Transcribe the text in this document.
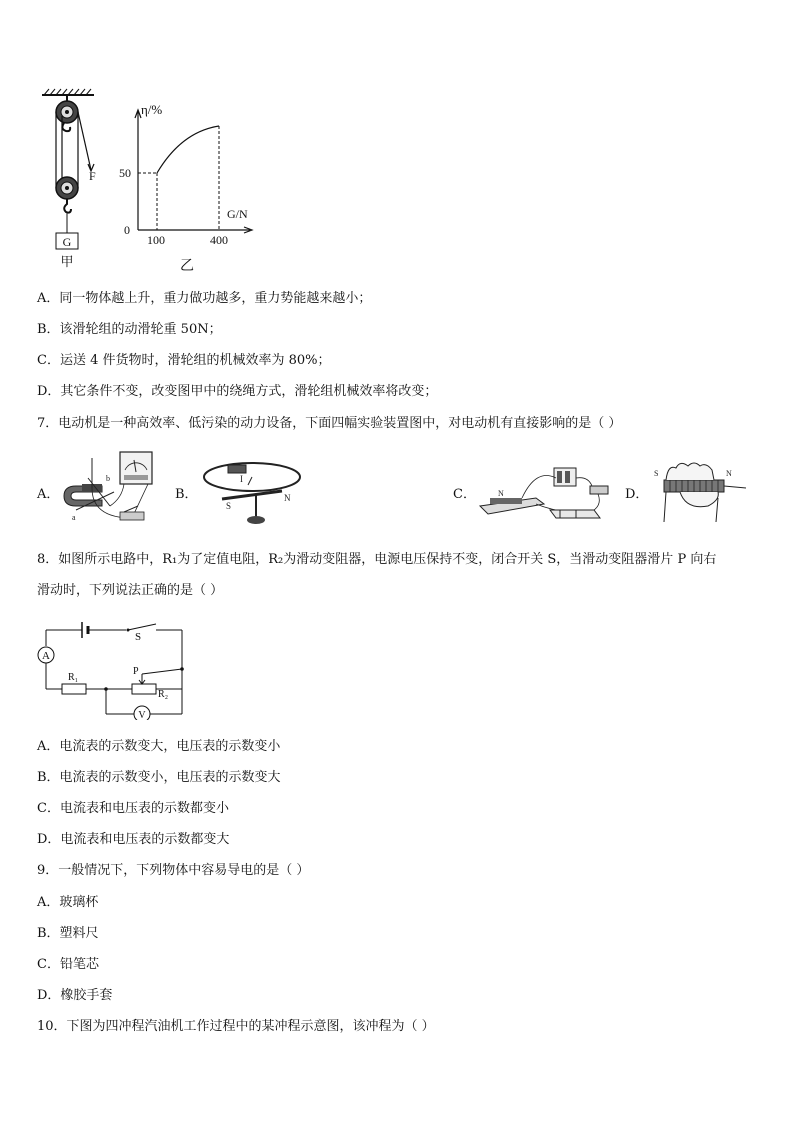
F
G
甲
η/%
G/N
0
50
100	400
乙
A．同一物体越上升，重力做功越多，重力势能越来越小；
B．该滑轮组的动滑轮重 50N；
C．运送 4 件货物时，滑轮组的机械效率为 80%；
D．其它条件不变，改变图甲中的绕绳方式，滑轮组机械效率将改变；
7．电动机是一种高效率、低污染的动力设备，下面四幅实验装置图中，对电动机有直接影响的是（ ）
A．
b
a
B．
I
S
N	C．	N	D．
S	N
8．如图所示电路中，R₁为了定值电阻，R₂为滑动变阻器，电源电压保持不变，闭合开关 S，当滑动变阻器滑片 P 向右
滑动时，下列说法正确的是（ ）
S
A
R₁
R₂
P
V
A．电流表的示数变大，电压表的示数变小
B．电流表的示数变小，电压表的示数变大
C．电流表和电压表的示数都变小
D．电流表和电压表的示数都变大
9．一般情况下，下列物体中容易导电的是（ ）
A．玻璃杯
B．塑料尺
C．铅笔芯
D．橡胶手套
10．下图为四冲程汽油机工作过程中的某冲程示意图，该冲程为（ ）
